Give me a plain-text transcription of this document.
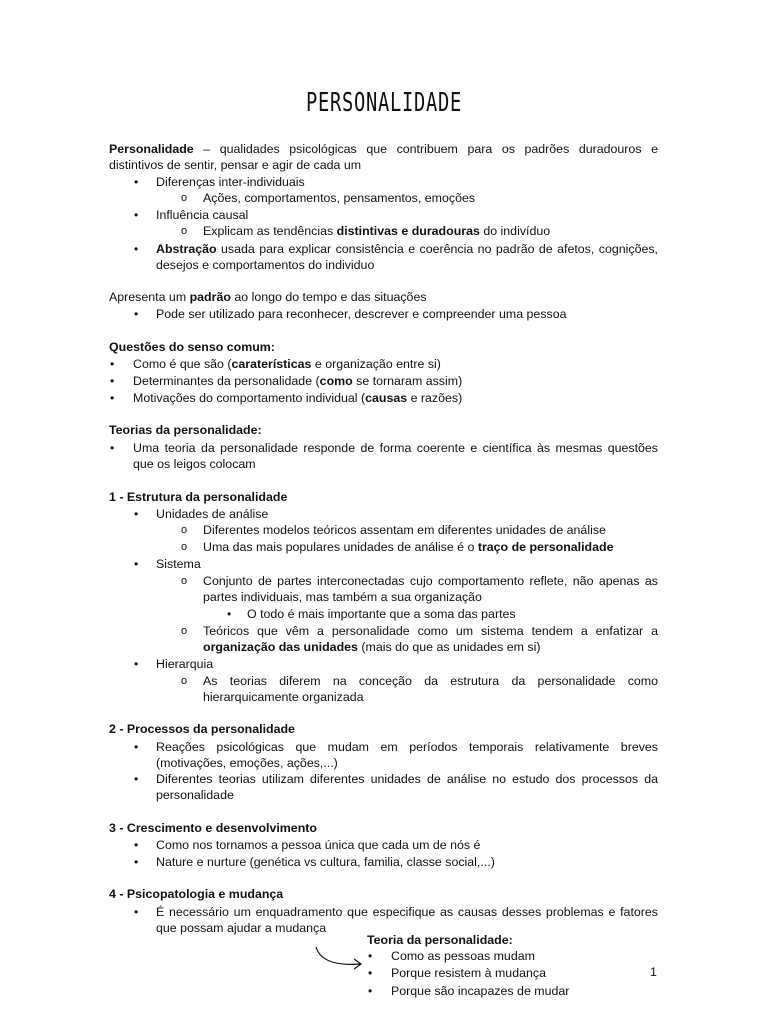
PERSONALIDADE
Personalidade – qualidades psicológicas que contribuem para os padrões duradouros e
distintivos de sentir, pensar e agir de cada um
• Diferenças inter-individuais
o Ações, comportamentos, pensamentos, emoções
• Influência causal
o Explicam as tendências distintivas e duradouras do indivíduo
• Abstração usada para explicar consistência e coerência no padrão de afetos, cognições,
desejos e comportamentos do individuo
Apresenta um padrão ao longo do tempo e das situações
• Pode ser utilizado para reconhecer, descrever e compreender uma pessoa
Questões do senso comum:
• Como é que são (caraterísticas e organização entre si)
• Determinantes da personalidade (como se tornaram assim)
• Motivações do comportamento individual (causas e razões)
Teorias da personalidade:
• Uma teoria da personalidade responde de forma coerente e científica às mesmas questões
que os leigos colocam
1 - Estrutura da personalidade
• Unidades de análise
o Diferentes modelos teóricos assentam em diferentes unidades de análise
o Uma das mais populares unidades de análise é o traço de personalidade
• Sistema
o Conjunto de partes interconectadas cujo comportamento reflete, não apenas as
partes individuais, mas também a sua organização
• O todo é mais importante que a soma das partes
o Teóricos que vêm a personalidade como um sistema tendem a enfatizar a
organização das unidades (mais do que as unidades em si)
• Hierarquia
o As teorias diferem na conceção da estrutura da personalidade como
hierarquicamente organizada
2 - Processos da personalidade
• Reações psicológicas que mudam em períodos temporais relativamente breves
(motivações, emoções, ações,...)
• Diferentes teorias utilizam diferentes unidades de análise no estudo dos processos da
personalidade
3 - Crescimento e desenvolvimento
• Como nos tornamos a pessoa única que cada um de nós é
• Nature e nurture (genética vs cultura, familia, classe social,...)
4 - Psicopatologia e mudança
• É necessário um enquadramento que especifique as causas desses problemas e fatores
que possam ajudar a mudança
Teoria da personalidade:
• Como as pessoas mudam
• Porque resistem à mudança
• Porque são incapazes de mudar
1
